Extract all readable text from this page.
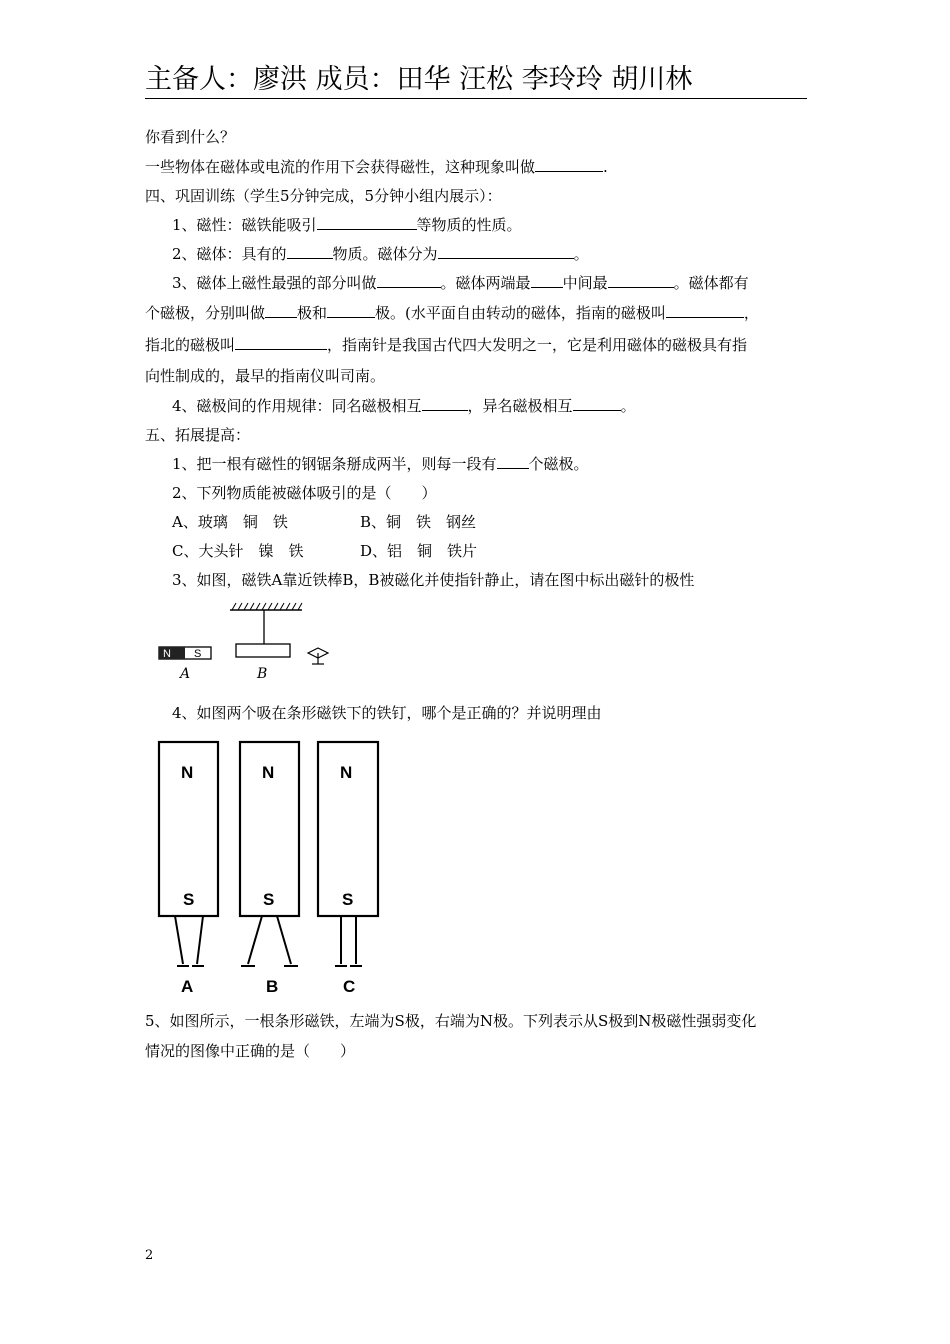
主备人：廖洪 成员：田华 汪松 李玲玲 胡川林
你看到什么？
一些物体在磁体或电流的作用下会获得磁性，这种现象叫做	.
四、巩固训练（学生5分钟完成，5分钟小组内展示）：
1、磁性：磁铁能吸引	等物质的性质。
2、磁体：具有的	物质。磁体分为	。
3、磁体上磁性最强的部分叫做	。磁体两端最 中间最	。磁体都有
个磁极，分别叫做 极和	极。(水平面自由转动的磁体，指南的磁极叫	，
指北的磁极叫	，指南针是我国古代四大发明之一，它是利用磁体的磁极具有指
向性制成的，最早的指南仪叫司南。
4、磁极间的作用规律：同名磁极相互	，异名磁极相互	。
五、拓展提高：
1、把一根有磁性的钢锯条掰成两半，则每一段有 个磁极。
2、下列物质能被磁体吸引的是（　　）
A、玻璃　铜　铁	B、铜　铁　钢丝
C、大头针　镍　铁	D、铝　铜　铁片
3、如图，磁铁A靠近铁棒B，B被磁化并使指针静止，请在图中标出磁针的极性
N S
A	B
4、如图两个吸在条形磁铁下的铁钉，哪个是正确的？并说明理由
N
S
N
S
N
S
A	B	C
5、如图所示，一根条形磁铁，左端为S极，右端为N极。下列表示从S极到N极磁性强弱变化
情况的图像中正确的是（　　）
2
